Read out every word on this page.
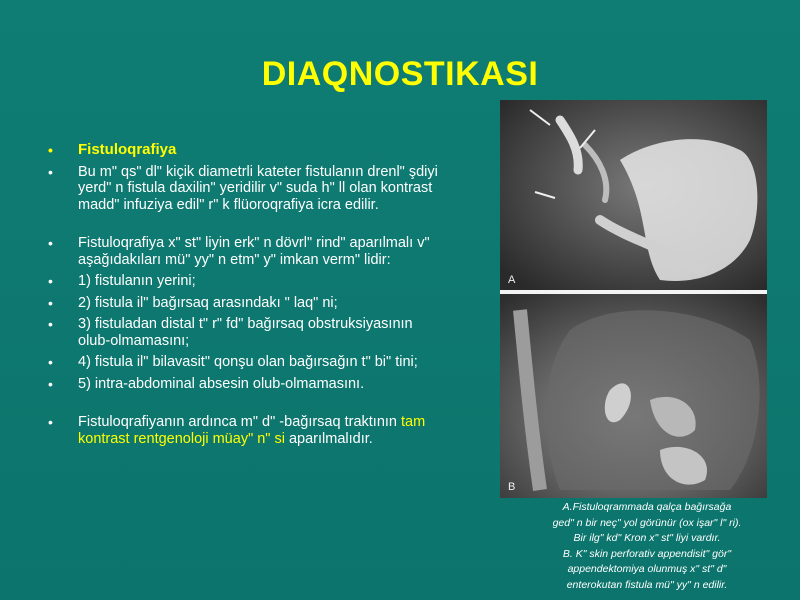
DIAQNOSTIKASI
• Fistuloqrafiya
• Bu m" qs" dl" kiçik diametrli kateter fistulanın drenl" şdiyi yerd" n fistula daxilin" yeridilir v" suda h" ll olan kontrast madd" infuziya edil" r" k flüoroqrafiya icra edilir.
• Fistuloqrafiya x" st" liyin erk" n dövrl" rind" aparılmalı v" aşağıdakıları mü" yy" n etm" y" imkan verm" lidir:
• 1) fistulanın yerini;
• 2) fistula il" bağırsaq arasındakı " laq" ni;
• 3) fistuladan distal t" r" fd" bağırsaq obstruksiyasının olub-olmamasını;
• 4) fistula il" bilavasit" qonşu olan bağırsağın t" bi" tini;
• 5) intra-abdominal absesin olub-olmamasını.
• Fistuloqrafiyanın ardınca m" d" -bağırsaq traktının tam kontrast rentgenoloji müay" n" si aparılmalıdır.
A
B
A.Fistuloqrammada qalça bağırsağa
ged" n bir neç" yol görünür (ox işar" l" ri).
Bir ilg" kd" Kron x" st" liyi vardır.
B. K" skin perforativ appendisit" gör"
appendektomiya olunmuş x" st" d"
enterokutan fistula mü" yy" n edilir.
